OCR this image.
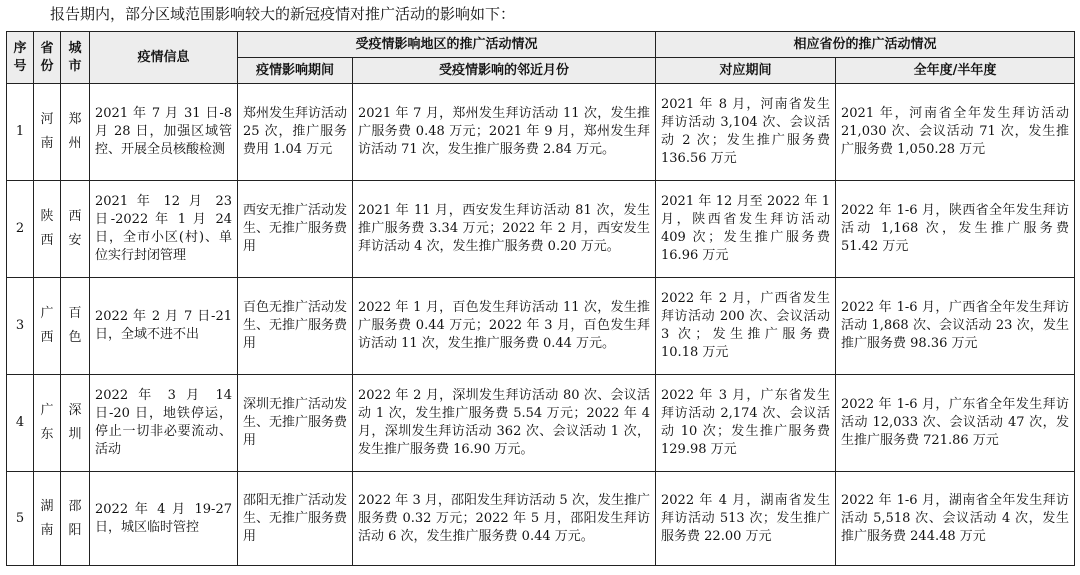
报告期内，部分区域范围影响较大的新冠疫情对推广活动的影响如下：
序号	省份	城市	疫情信息	受疫情影响地区的推广活动情况		相应省份的推广活动情况	
				疫情影响期间	受疫情影响的邻近月份	对应期间	全年度/半年度
1	河南	郑州	2021 年 7 月 31 日-8 月 28 日，加强区域管控、开展全员核酸检测	郑州发生拜访活动 25 次，推广服务费用 1.04 万元	2021 年 7 月，郑州发生拜访活动 11 次，发生推广服务费 0.48 万元；2021 年 9 月，郑州发生拜访活动 71 次，发生推广服务费 2.84 万元。	2021 年 8 月，河南省发生拜访活动 3,104 次、会议活动 2 次；发生推广服务费 136.56 万元	2021 年，河南省全年发生拜访活动 21,030 次、会议活动 71 次，发生推广服务费 1,050.28 万元
2	陕西	西安	2021 年 12 月 23 日-2022 年 1 月 24 日，全市小区(村)、单位实行封闭管理	西安无推广活动发生、无推广服务费用	2021 年 11 月，西安发生拜访活动 81 次，发生推广服务费 3.34 万元；2022 年 2 月，西安发生拜访活动 4 次，发生推广服务费 0.20 万元。	2021 年 12 月至 2022 年 1 月，陕西省发生拜访活动 409 次；发生推广服务费 16.96 万元	2022 年 1-6 月，陕西省全年发生拜访活动 1,168 次，发生推广服务费 51.42 万元
3	广西	百色	2022 年 2 月 7 日-21 日，全域不进不出	百色无推广活动发生、无推广服务费用	2022 年 1 月，百色发生拜访活动 11 次，发生推广服务费 0.44 万元；2022 年 3 月，百色发生拜访活动 11 次，发生推广服务费 0.44 万元。	2022 年 2 月，广西省发生拜访活动 200 次、会议活动 3 次；发生推广服务费 10.18 万元	2022 年 1-6 月，广西省全年发生拜访活动 1,868 次、会议活动 23 次，发生推广服务费 98.36 万元
4	广东	深圳	2022 年 3 月 14 日-20 日，地铁停运，停止一切非必要流动、活动	深圳无推广活动发生、无推广服务费用	2022 年 2 月，深圳发生拜访活动 80 次、会议活动 1 次，发生推广服务费 5.54 万元；2022 年 4 月，深圳发生拜访活动 362 次、会议活动 1 次，发生推广服务费 16.90 万元。	2022 年 3 月，广东省发生拜访活动 2,174 次、会议活动 10 次；发生推广服务费 129.98 万元	2022 年 1-6 月，广东省全年发生拜访活动 12,033 次、会议活动 47 次，发生推广服务费 721.86 万元
5	湖南	邵阳	2022 年 4 月 19-27 日，城区临时管控	邵阳无推广活动发生、无推广服务费用	2022 年 3 月，邵阳发生拜访活动 5 次，发生推广服务费 0.32 万元；2022 年 5 月，邵阳发生拜访活动 6 次，发生推广服务费 0.44 万元。	2022 年 4 月，湖南省发生拜访活动 513 次；发生推广服务费 22.00 万元	2022 年 1-6 月，湖南省全年发生拜访活动 5,518 次、会议活动 4 次，发生推广服务费 244.48 万元
